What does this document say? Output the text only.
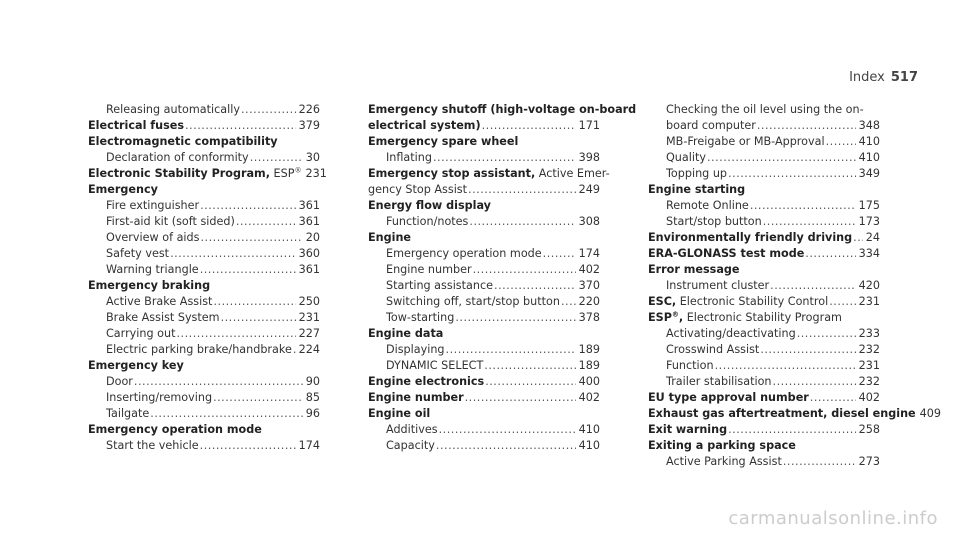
Index 517
Releasing automatically .....	226
Electrical fuses .....	379
Electromagnetic compatibility
Declaration of conformity .....	30
Electronic Stability Program, ESP® 231
Emergency
Fire extinguisher .....	361
First-aid kit (soft sided) .....	361
Overview of aids .....	20
Safety vest .....	360
Warning triangle .....	361
Emergency braking
Active Brake Assist .....	250
Brake Assist System .....	231
Carrying out .....	227
Electric parking brake/handbrake ..... 224
Emergency key
Door .....	90
Inserting/removing .....	85
Tailgate .....	96
Emergency operation mode
Start the vehicle .....	174
Emergency shutoff (high-voltage on-board
electrical system) .....	171
Emergency spare wheel
Inflating .....	398
Emergency stop assistant, Active Emer-
gency Stop Assist .....	249
Energy flow display
Function/notes .....	308
Engine
Emergency operation mode .....	174
Engine number .....	402
Starting assistance .....	370
Switching off, start/stop button ..... 220
Tow-starting .....	378
Engine data
Displaying .....	189
DYNAMIC SELECT .....	189
Engine electronics .....	400
Engine number .....	402
Engine oil
Additives .....	410
Capacity .....	410
Checking the oil level using the on-
board computer .....	348
MB-Freigabe or MB-Approval .....	410
Quality .....	410
Topping up .....	349
Engine starting
Remote Online .....	175
Start/stop button .....	173
Environmentally friendly driving ..... 24
ERA-GLONASS test mode .....	334
Error message
Instrument cluster .....	420
ESC, Electronic Stability Control .....	231
ESP®, Electronic Stability Program
Activating/deactivating .....	233
Crosswind Assist .....	232
Function .....	231
Trailer stabilisation .....	232
EU type approval number .....	402
Exhaust gas aftertreatment, diesel engine 409
Exit warning .....	258
Exiting a parking space
Active Parking Assist .....	273
carmanualsonline.info
